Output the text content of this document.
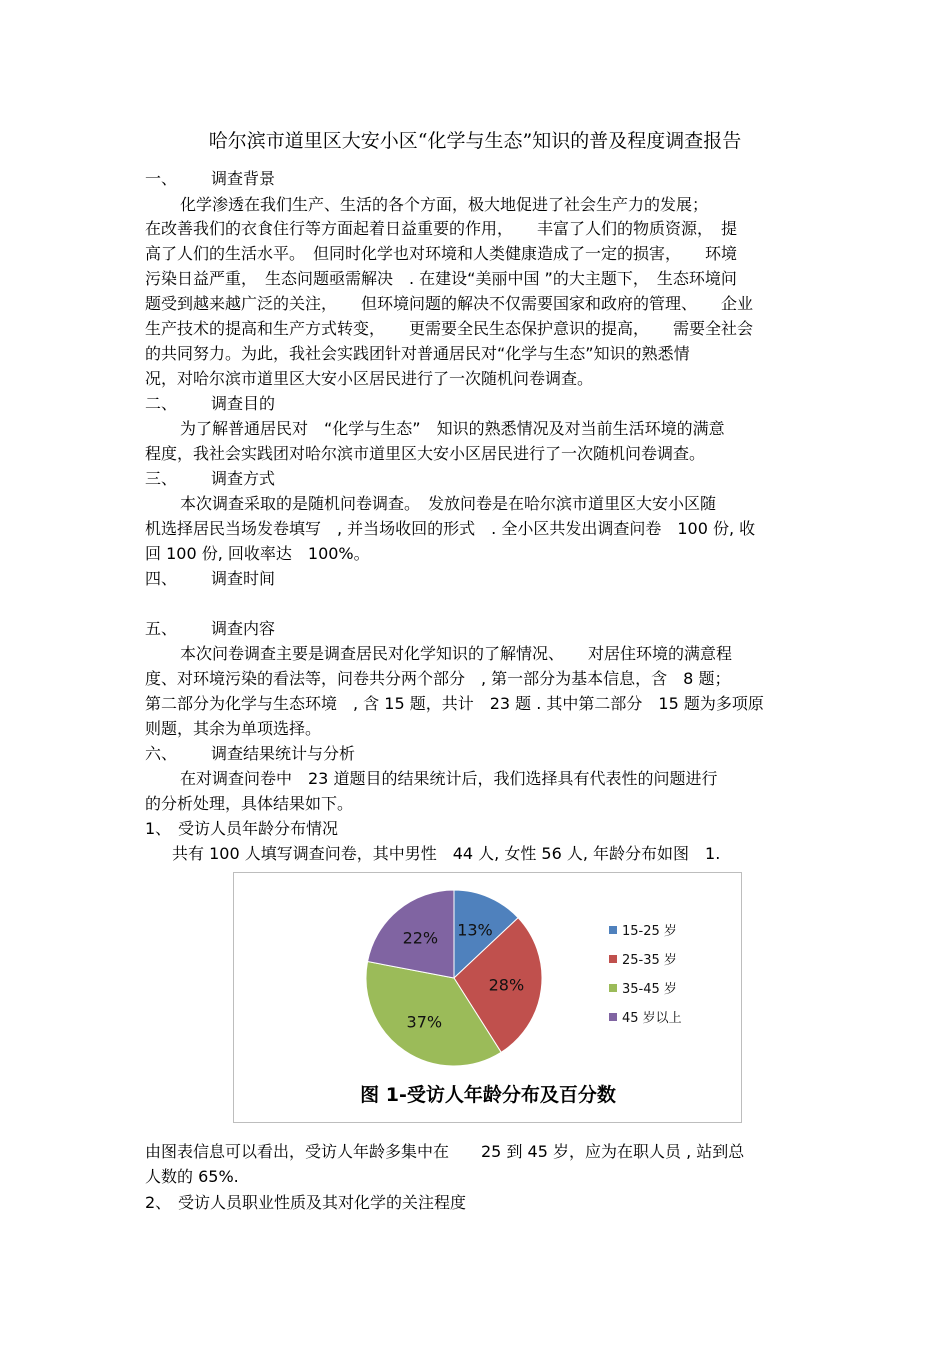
哈尔滨市道里区大安小区“化学与生态”知识的普及程度调查报告
一、 调查背景
化学渗透在我们生产、生活的各个方面，极大地促进了社会生产力的发展；
在改善我们的衣食住行等方面起着日益重要的作用，　　丰富了人们的物质资源，　提
高了人们的生活水平。　但同时化学也对环境和人类健康造成了一定的损害，　　环境
污染日益严重，　生态问题亟需解决　. 在建设“美丽中国 ”的大主题下，　生态环境问
题受到越来越广泛的关注，　　但环境问题的解决不仅需要国家和政府的管理、　　企业
生产技术的提高和生产方式转变，　　更需要全民生态保护意识的提高，　　需要全社会
的共同努力。为此，我社会实践团针对普通居民对“化学与生态”知识的熟悉情
况，对哈尔滨市道里区大安小区居民进行了一次随机问卷调查。
二、 调查目的
为了解普通居民对　“化学与生态”　知识的熟悉情况及对当前生活环境的满意
程度，我社会实践团对哈尔滨市道里区大安小区居民进行了一次随机问卷调查。
三、 调查方式
本次调查采取的是随机问卷调查。　发放问卷是在哈尔滨市道里区大安小区随
机选择居民当场发卷填写　, 并当场收回的形式　. 全小区共发出调查问卷　100 份, 收
回 100 份, 回收率达　100%。
四、 调查时间
五、 调查内容
本次问卷调查主要是调查居民对化学知识的了解情况、　　对居住环境的满意程
度、对环境污染的看法等，问卷共分两个部分　, 第一部分为基本信息，含　8 题；
第二部分为化学与生态环境　, 含 15 题，共计　23 题 . 其中第二部分　15 题为多项原
则题，其余为单项选择。
六、 调查结果统计与分析
在对调查问卷中　23 道题目的结果统计后，我们选择具有代表性的问题进行
的分析处理，具体结果如下。
1、 受访人员年龄分布情况
共有 100 人填写调查问卷，其中男性　44 人, 女性 56 人, 年龄分布如图　1.
13%
28%
37%
22%	15-25 岁
25-35 岁
35-45 岁
45 岁以上
图 1-受访人年龄分布及百分数
由图表信息可以看出，受访人年龄多集中在　　25 到 45 岁，应为在职人员 , 站到总
人数的 65%.
2、 受访人员职业性质及其对化学的关注程度
